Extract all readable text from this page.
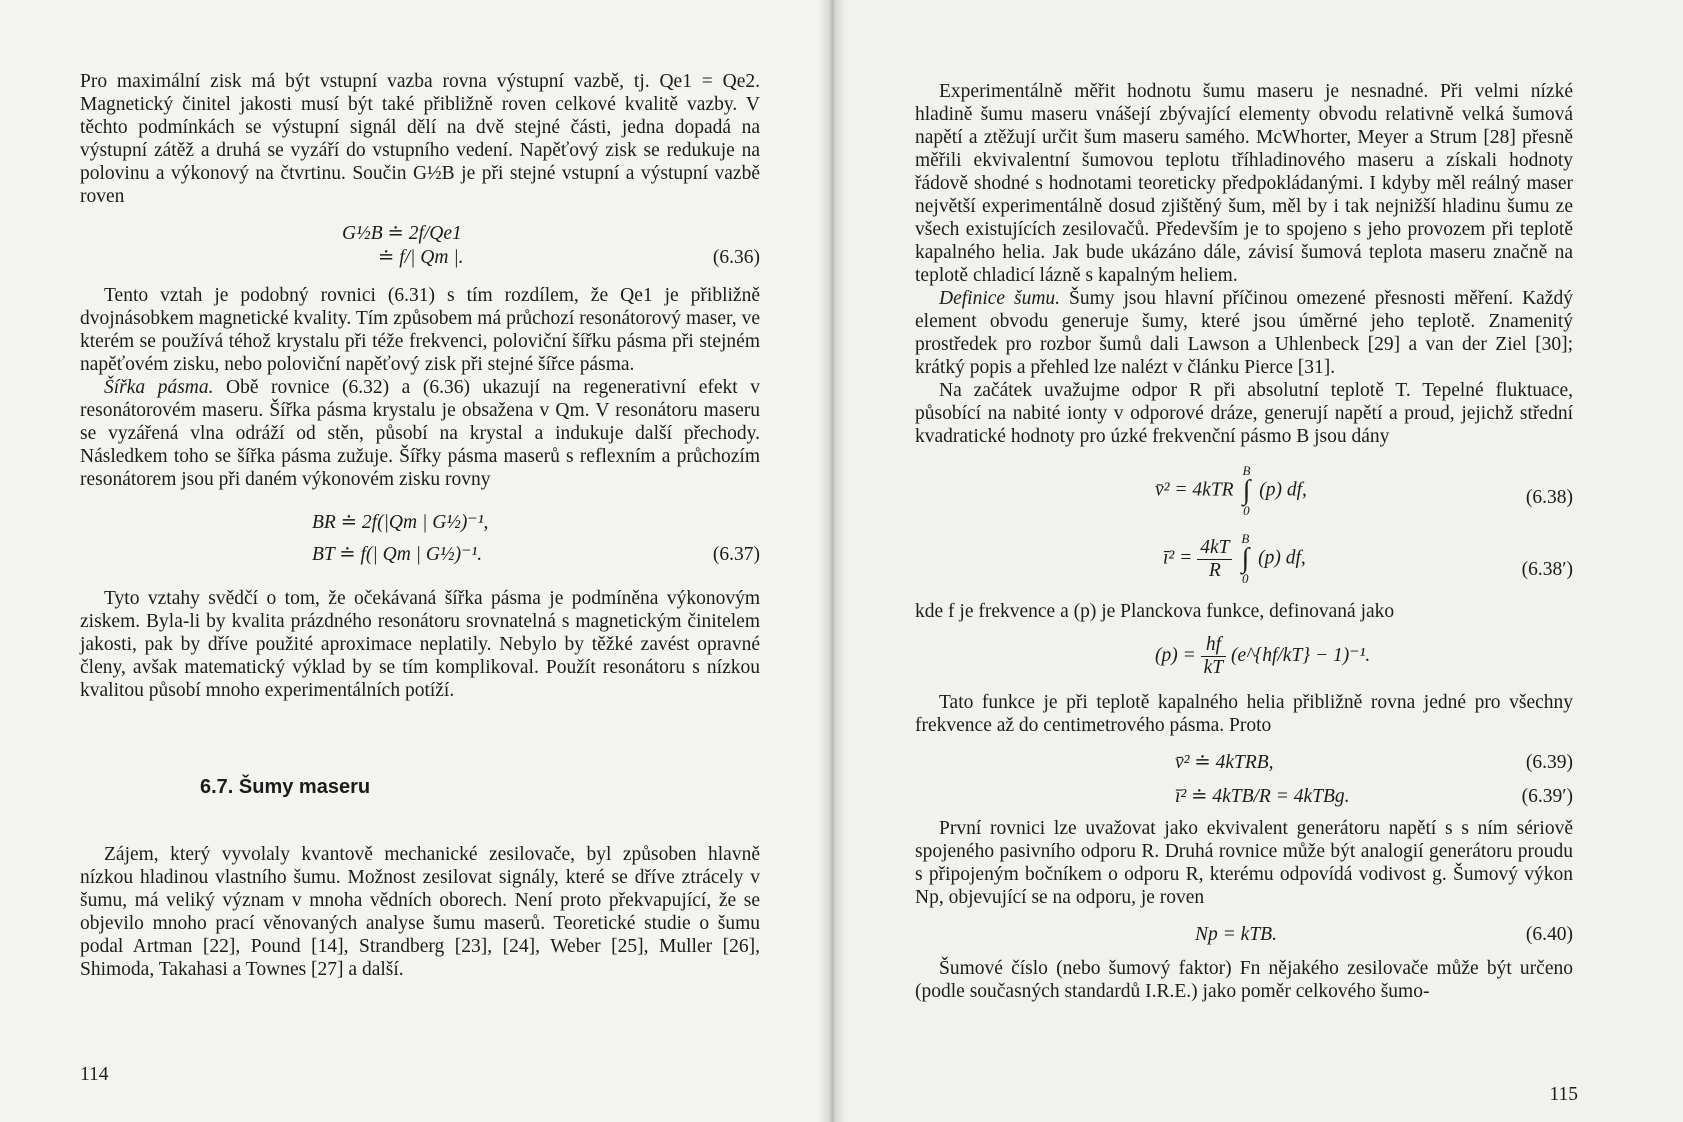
Pro maximální zisk má být vstupní vazba rovna výstupní vazbě, tj. Qe1 = Qe2. Magnetický činitel jakosti musí být také přibližně roven celkové kvalitě vazby. V těchto podmínkách se výstupní signál dělí na dvě stejné části, jedna dopadá na výstupní zátěž a druhá se vyzáří do vstupního vedení. Napěťový zisk se redukuje na polovinu a výkonový na čtvrtinu. Součin G½B je při stejné vstupní a výstupní vazbě roven

G½B ≐ 2f/Qe1
≐ f/| Qm |.	(6.36)

Tento vztah je podobný rovnici (6.31) s tím rozdílem, že Qe1 je přibližně dvojnásobkem magnetické kvality. Tím způsobem má průchozí resonátorový maser, ve kterém se používá téhož krystalu při téže frekvenci, poloviční šířku pásma při stejném napěťovém zisku, nebo poloviční napěťový zisk při stejné šířce pásma.

Šířka pásma. Obě rovnice (6.32) a (6.36) ukazují na regenerativní efekt v resonátorovém maseru. Šířka pásma krystalu je obsažena v Qm. V resonátoru maseru se vyzářená vlna odráží od stěn, působí na krystal a indukuje další přechody. Následkem toho se šířka pásma zužuje. Šířky pásma maserů s reflexním a průchozím resonátorem jsou při daném výkonovém zisku rovny

BR ≐ 2f(|Qm | G½)⁻¹,
BT ≐ f(| Qm | G½)⁻¹.	(6.37)

Tyto vztahy svědčí o tom, že očekávaná šířka pásma je podmíněna výkonovým ziskem. Byla-li by kvalita prázdného resonátoru srovnatelná s magnetickým činitelem jakosti, pak by dříve použité aproximace neplatily. Nebylo by těžké zavést opravné členy, avšak matematický výklad by se tím komplikoval. Použít resonátoru s nízkou kvalitou působí mnoho experimentálních potíží.

6.7. Šumy maseru

Zájem, který vyvolaly kvantově mechanické zesilovače, byl způsoben hlavně nízkou hladinou vlastního šumu. Možnost zesilovat signály, které se dříve ztrácely v šumu, má veliký význam v mnoha vědních oborech. Není proto překvapující, že se objevilo mnoho prací věnovaných analyse šumu maserů. Teoretické studie o šumu podal Artman [22], Pound [14], Strandberg [23], [24], Weber [25], Muller [26], Shimoda, Takahasi a Townes [27] a další.

114

Experimentálně měřit hodnotu šumu maseru je nesnadné. Při velmi nízké hladině šumu maseru vnášejí zbývající elementy obvodu relativně velká šumová napětí a ztěžují určit šum maseru samého. McWhorter, Meyer a Strum [28] přesně měřili ekvivalentní šumovou teplotu tříhladinového maseru a získali hodnoty řádově shodné s hodnotami teoreticky předpokládanými. I kdyby měl reálný maser největší experimentálně dosud zjištěný šum, měl by i tak nejnižší hladinu šumu ze všech existujících zesilovačů. Především je to spojeno s jeho provozem při teplotě kapalného helia. Jak bude ukázáno dále, závisí šumová teplota maseru značně na teplotě chladicí lázně s kapalným heliem.

Definice šumu. Šumy jsou hlavní příčinou omezené přesnosti měření. Každý element obvodu generuje šumy, které jsou úměrné jeho teplotě. Znamenitý prostředek pro rozbor šumů dali Lawson a Uhlenbeck [29] a van der Ziel [30]; krátký popis a přehled lze nalézt v článku Pierce [31].

Na začátek uvažujme odpor R při absolutní teplotě T. Tepelné fluktuace, působící na nabité ionty v odporové dráze, generují napětí a proud, jejichž střední kvadratické hodnoty pro úzké frekvenční pásmo B jsou dány

v̄² = 4kTR
B
∫
0
(p) df,	(6.38)
ī² = $\frac{4kT}{R}$
B
∫
0
(p) df,
(6.38′)

kde f je frekvence a (p) je Planckova funkce, definovaná jako

$(p) = \frac{hf}{kT}$ (e^{hf/kT} − 1)⁻¹.

Tato funkce je při teplotě kapalného helia přibližně rovna jedné pro všechny frekvence až do centimetrového pásma. Proto

v̄² ≐ 4kTRB,	(6.39)
ī² ≐ 4kTB/R = 4kTBg.	(6.39′)

První rovnici lze uvažovat jako ekvivalent generátoru napětí s s ním sériově spojeného pasivního odporu R. Druhá rovnice může být analogií generátoru proudu s připojeným bočníkem o odporu R, kterému odpovídá vodivost g. Šumový výkon Np, objevující se na odporu, je roven

Np = kTB.	(6.40)

Šumové číslo (nebo šumový faktor) Fn nějakého zesilovače může být určeno (podle současných standardů I.R.E.) jako poměr celkového šumo-

115
